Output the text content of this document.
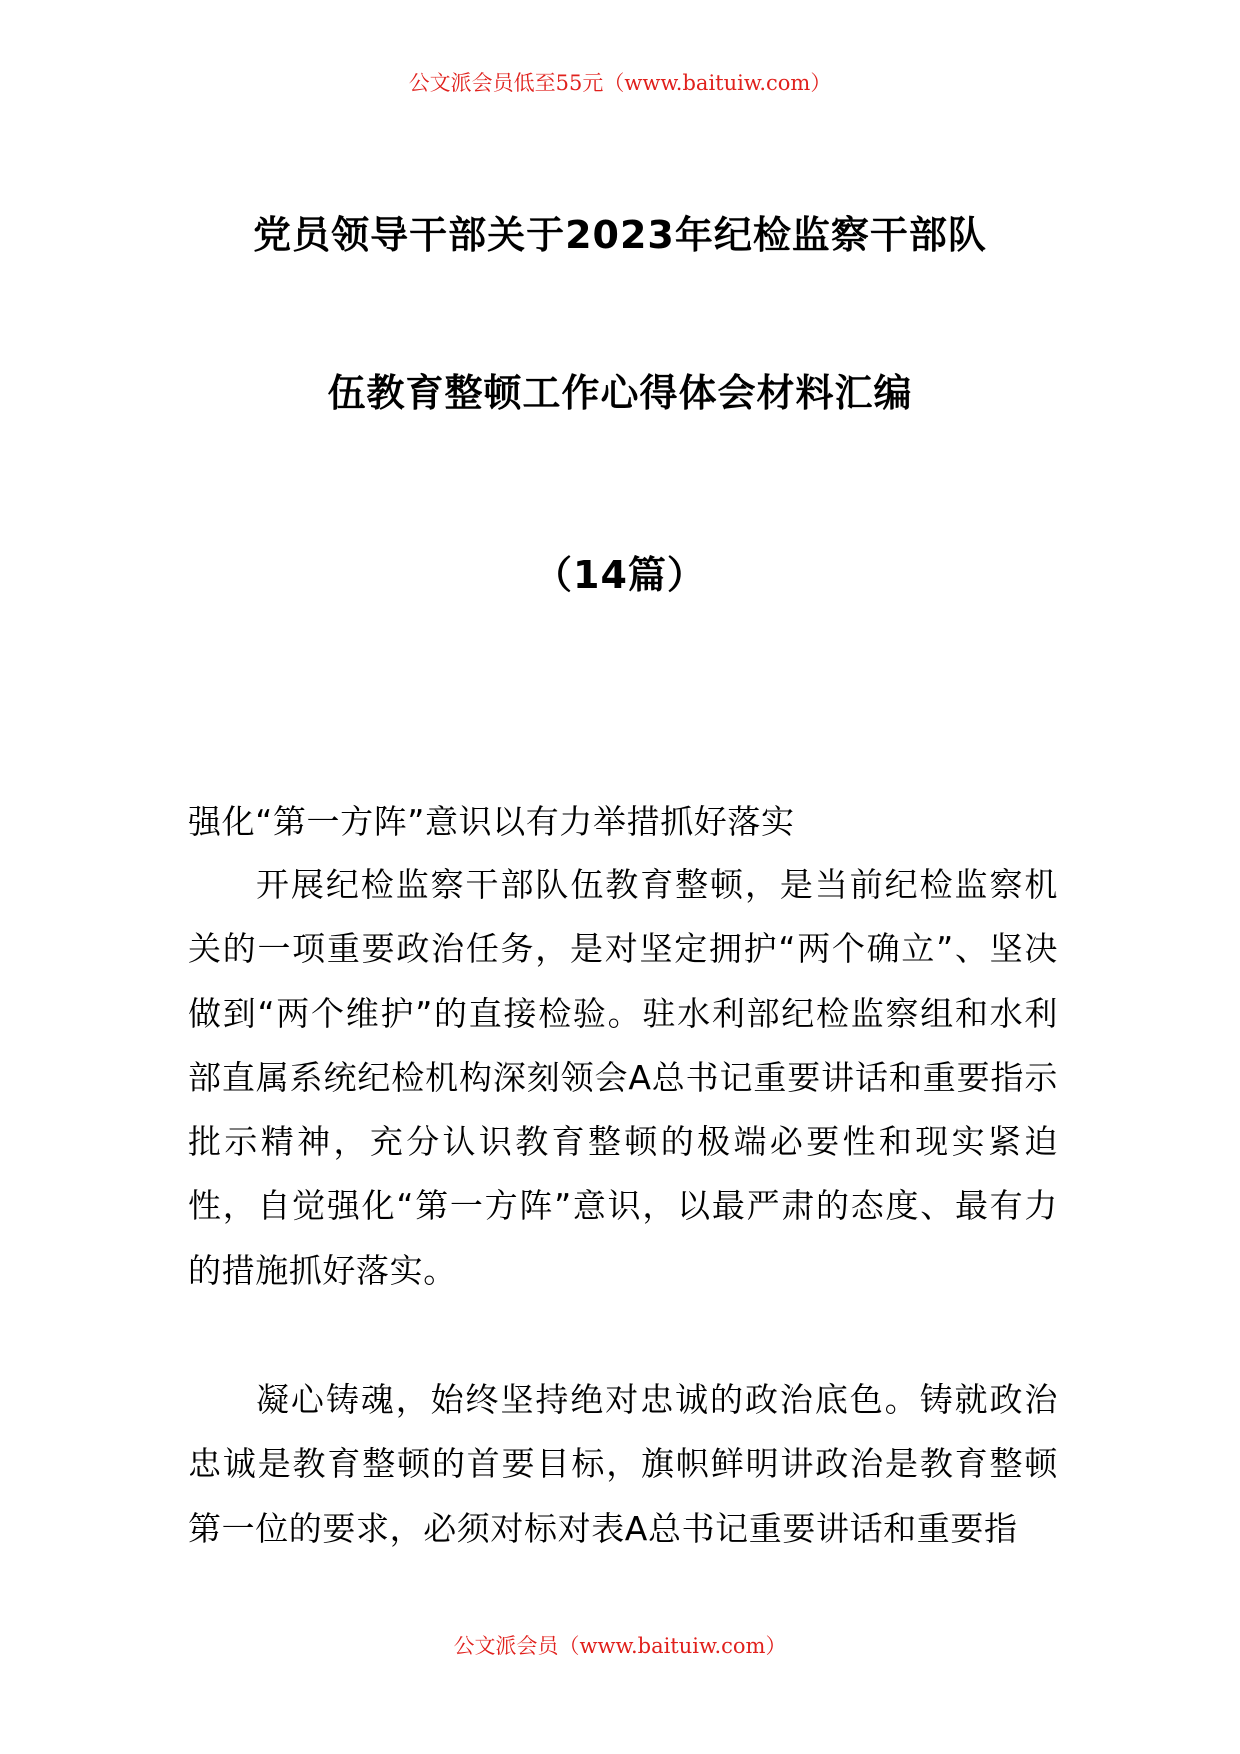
公文派会员低至55元（www.baituiw.com）
党员领导干部关于2023年纪检监察干部队
伍教育整顿工作心得体会材料汇编
（14篇）
强化“第一方阵”意识以有力举措抓好落实

开展纪检监察干部队伍教育整顿，是当前纪检监察机关的一项重要政治任务，是对坚定拥护“两个确立”、坚决做到“两个维护”的直接检验。驻水利部纪检监察组和水利部直属系统纪检机构深刻领会A总书记重要讲话和重要指示批示精神，充分认识教育整顿的极端必要性和现实紧迫性，自觉强化“第一方阵”意识，以最严肃的态度、最有力的措施抓好落实。

凝心铸魂，始终坚持绝对忠诚的政治底色。铸就政治忠诚是教育整顿的首要目标，旗帜鲜明讲政治是教育整顿第一位的要求，必须对标对表A总书记重要讲话和重要指

公文派会员（www.baituiw.com）
